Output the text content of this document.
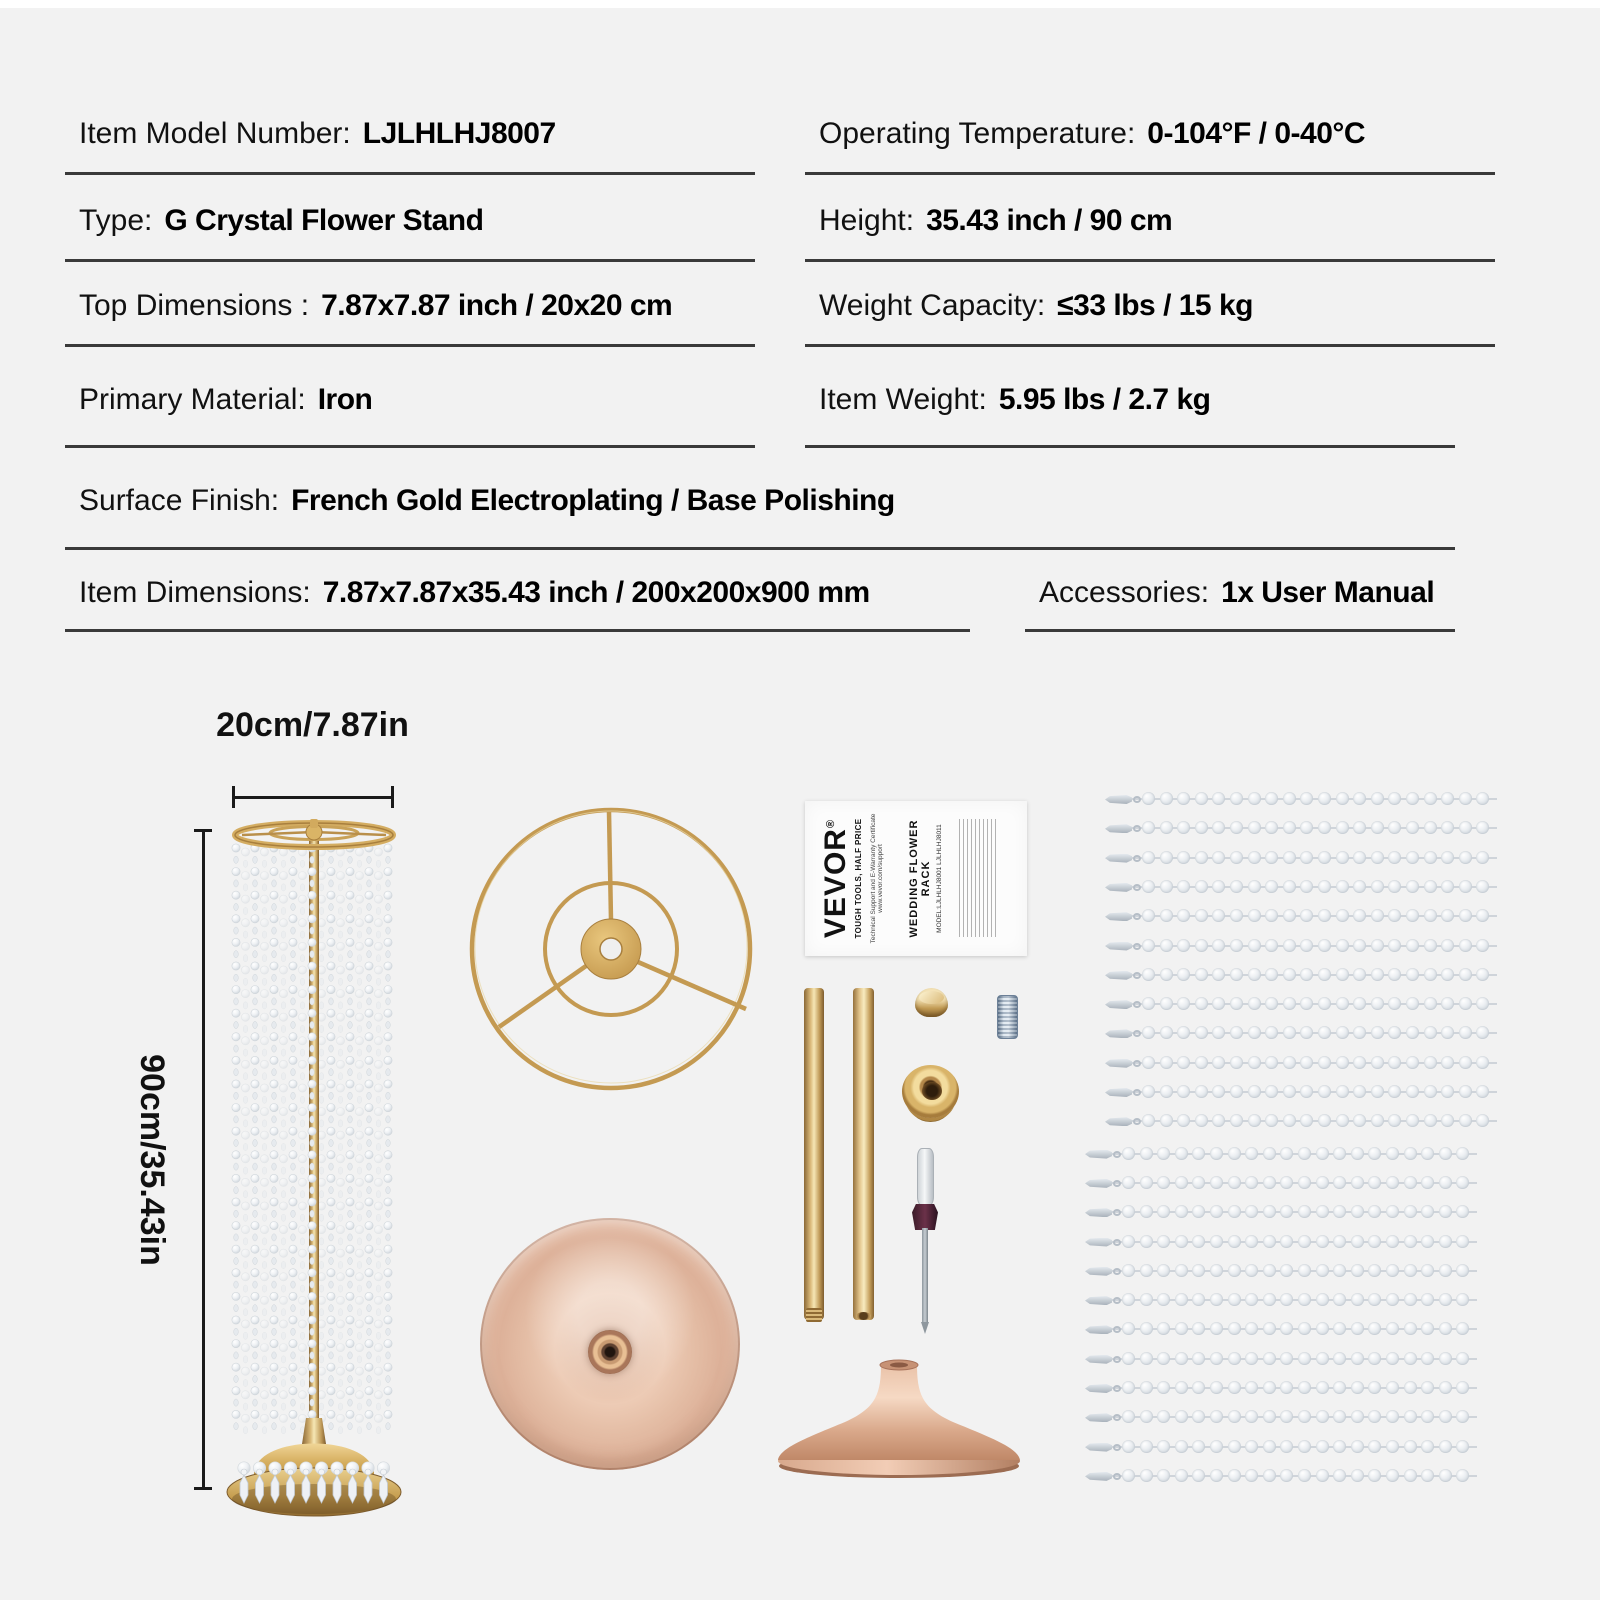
Item Model Number: LJLHLHJ8007
Type: G Crystal Flower Stand
Top Dimensions : 7.87x7.87 inch / 20x20 cm
Primary Material: Iron
Surface Finish: French Gold Electroplating / Base Polishing
Item Dimensions: 7.87x7.87x35.43 inch / 200x200x900 mm
Operating Temperature: 0-104°F / 0-40°C
Height: 35.43 inch / 90 cm
Weight Capacity: ≤33 lbs / 15 kg
Item Weight: 5.95 lbs / 2.7 kg
Accessories: 1x User Manual
20cm/7.87in
90cm/35.43in
VEVOR®	TOUGH TOOLS, HALF PRICE Technical Support and E-Warranty Certificate www.vevor.com/support WEDDING FLOWER RACK MODEL:LJLHLHJ8001 LJLHLHJ8011
